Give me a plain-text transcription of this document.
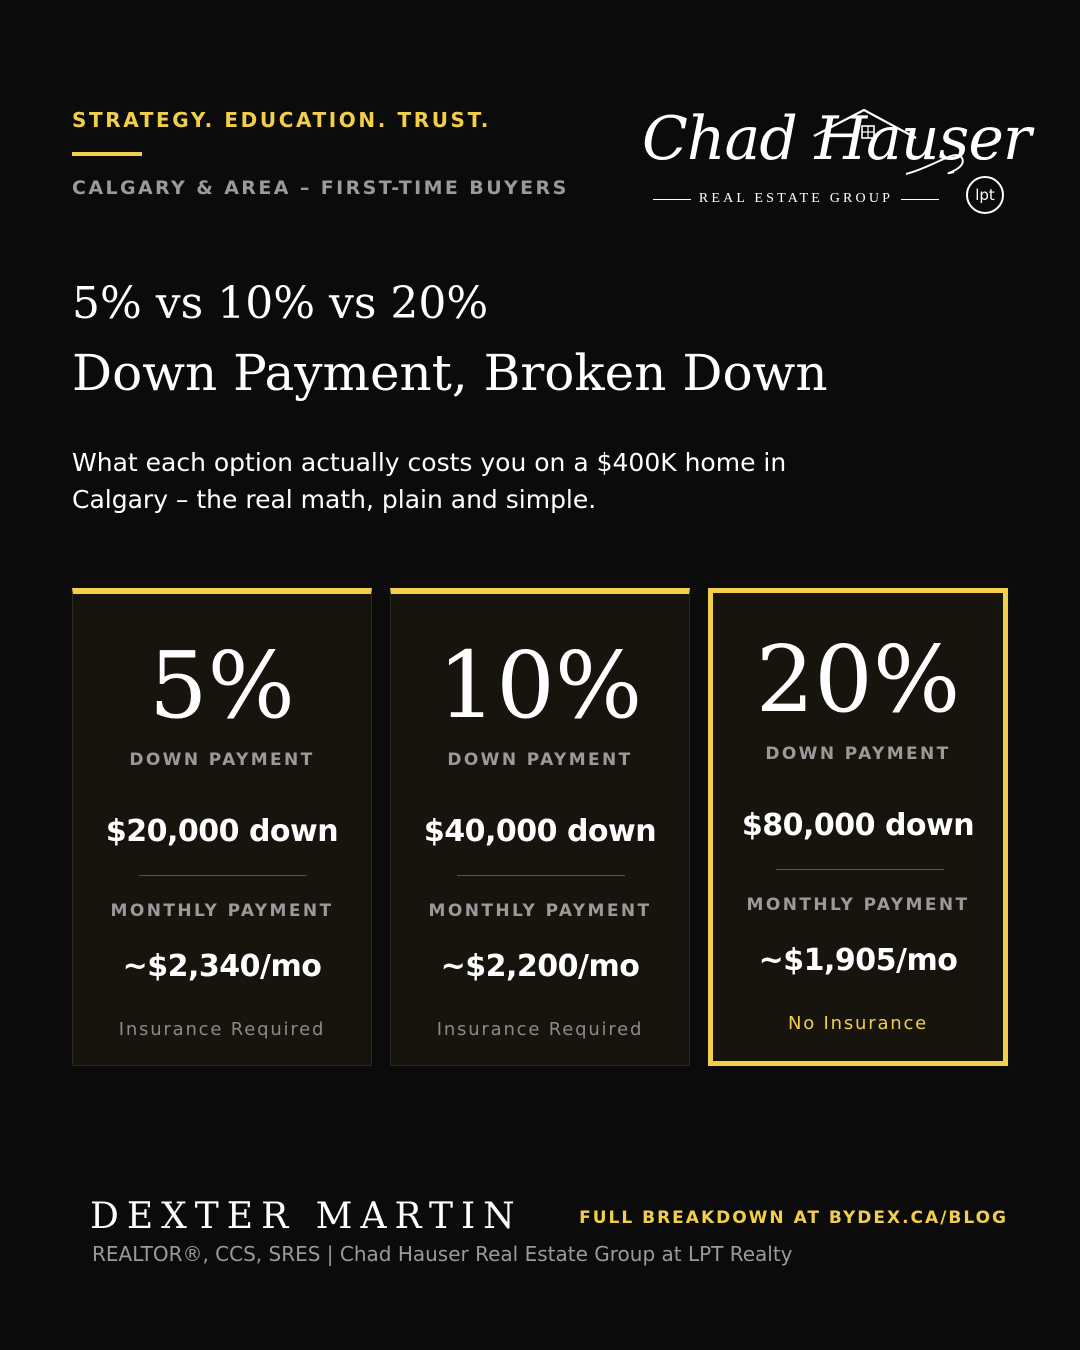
STRATEGY. EDUCATION. TRUST.
CALGARY & AREA – FIRST-TIME BUYERS
Chad Hauser
REAL ESTATE GROUP	lpt
5% vs 10% vs 20%
Down Payment, Broken Down

What each option actually costs you on a $400K home in Calgary – the real math, plain and simple.

5%
DOWN PAYMENT
$20,000 down
MONTHLY PAYMENT
~$2,340/mo
Insurance Required
10%
DOWN PAYMENT
$40,000 down
MONTHLY PAYMENT
~$2,200/mo
Insurance Required
20%
DOWN PAYMENT
$80,000 down
MONTHLY PAYMENT
~$1,905/mo
No Insurance
DEXTER MARTIN
REALTOR®, CCS, SRES | Chad Hauser Real Estate Group at LPT Realty
FULL BREAKDOWN AT BYDEX.CA/BLOG
